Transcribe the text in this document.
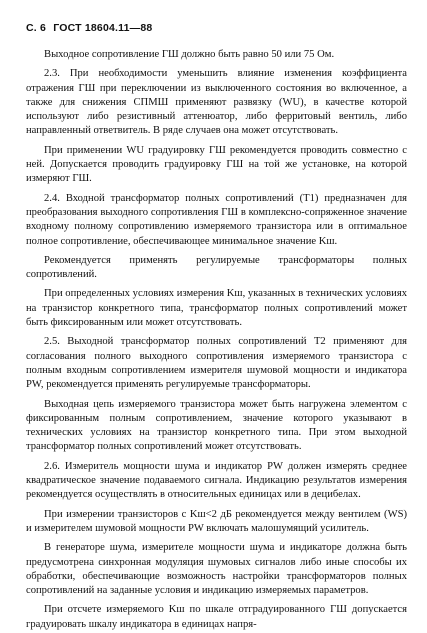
С. 6 ГОСТ 18604.11—88

Выходное сопротивление ГШ должно быть равно 50 или 75 Ом.

2.3. При необходимости уменьшить влияние изменения коэффициента отражения ГШ при переключении из выключенного состояния во включенное, а также для снижения СПМШ применяют развязку (WU), в качестве которой используют либо резистивный аттенюатор, либо ферритовый вентиль, либо направленный ответвитель. В ряде случаев она может отсутствовать.

При применении WU градуировку ГШ рекомендуется проводить совместно с ней. Допускается проводить градуировку ГШ на той же установке, на которой измеряют ГШ.

2.4. Входной трансформатор полных сопротивлений (T1) предназначен для преобразования выходного сопротивления ГШ в комплексно-сопряженное значение входному полному сопротивлению измеряемого транзистора или в оптимальное полное сопротивление, обеспечивающее минимальное значение Kш.

Рекомендуется применять регулируемые трансформаторы полных сопротивлений.

При определенных условиях измерения Kш, указанных в технических условиях на транзистор конкретного типа, трансформатор полных сопротивлений может быть фиксированным или может отсутствовать.

2.5. Выходной трансформатор полных сопротивлений T2 применяют для согласования полного выходного сопротивления измеряемого транзистора с полным входным сопротивлением измерителя шумовой мощности и индикатора PW, рекомендуется применять регулируемые трансформаторы.

Выходная цепь измеряемого транзистора может быть нагружена элементом с фиксированным полным сопротивлением, значение которого указывают в технических условиях на транзистор конкретного типа. При этом выходной трансформатор полных сопротивлений может отсутствовать.

2.6. Измеритель мощности шума и индикатор PW должен измерять среднее квадратическое значение подаваемого сигнала. Индикацию результатов измерения рекомендуется осуществлять в относительных единицах или в децибелах.

При измерении транзисторов с Kш<2 дБ рекомендуется между вентилем (WS) и измерителем шумовой мощности PW включать малошумящий усилитель.

В генераторе шума, измерителе мощности шума и индикаторе должна быть предусмотрена синхронная модуляция шумовых сигналов либо иные способы их обработки, обеспечивающие возможность настройки трансформаторов полных сопротивлений на заданные условия и индикацию измеряемых параметров.

При отсчете измеряемого Kш по шкале отградуированного ГШ допускается градуировать шкалу индикатора в единицах напря-
